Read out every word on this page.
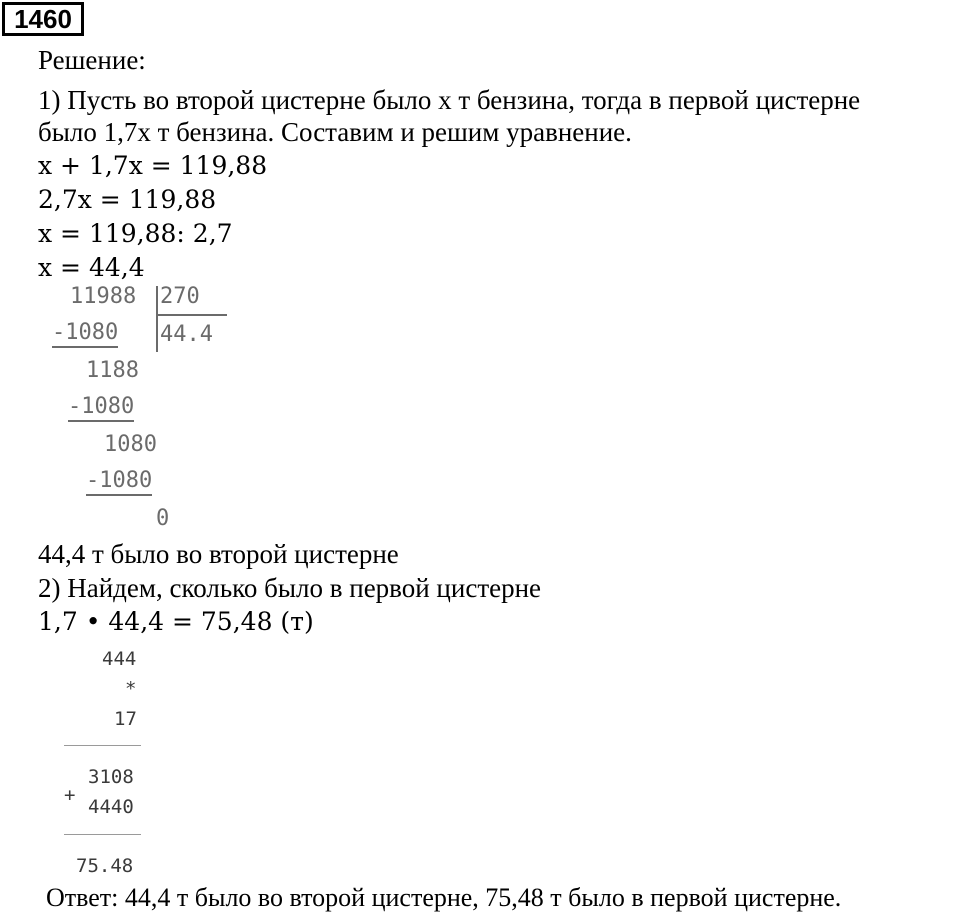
1460
Решение:
1) Пусть во второй цистерне было x т бензина, тогда в первой цистерне
было 1,7x т бензина. Составим и решим уравнение.
x + 1,7x = 119,88
2,7x = 119,88
x = 119,88: 2,7
x = 44,4
11988 270
44.4
-1080
1188
-1080
1080
-1080
0
44,4 т было во второй цистерне
2) Найдем, сколько было в первой цистерне
1,7 • 44,4 = 75,48 (т)
444
*
17
3108
+
4440
75.48
Ответ: 44,4 т было во второй цистерне, 75,48 т было в первой цистерне.
